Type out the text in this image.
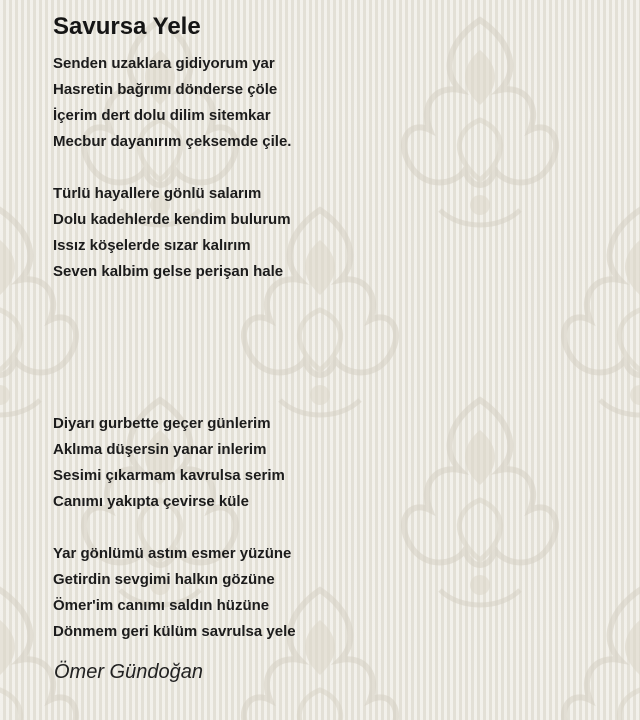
Savursa Yele
Senden uzaklara gidiyorum yar
Hasretin bağrımı dönderse çöle
İçerim dert dolu dilim sitemkar
Mecbur dayanırım çeksemde çile.
Türlü hayallere gönlü salarım
Dolu kadehlerde kendim bulurum
Issız köşelerde sızar kalırım
Seven kalbim gelse perişan hale
Diyarı gurbette geçer günlerim
Aklıma düşersin yanar inlerim
Sesimi çıkarmam kavrulsa serim
Canımı yakıpta çevirse küle
Yar gönlümü astım esmer yüzüne
Getirdin sevgimi halkın gözüne
Ömer'im canımı saldın hüzüne
Dönmem geri külüm savrulsa yele
Ömer Gündoğan
